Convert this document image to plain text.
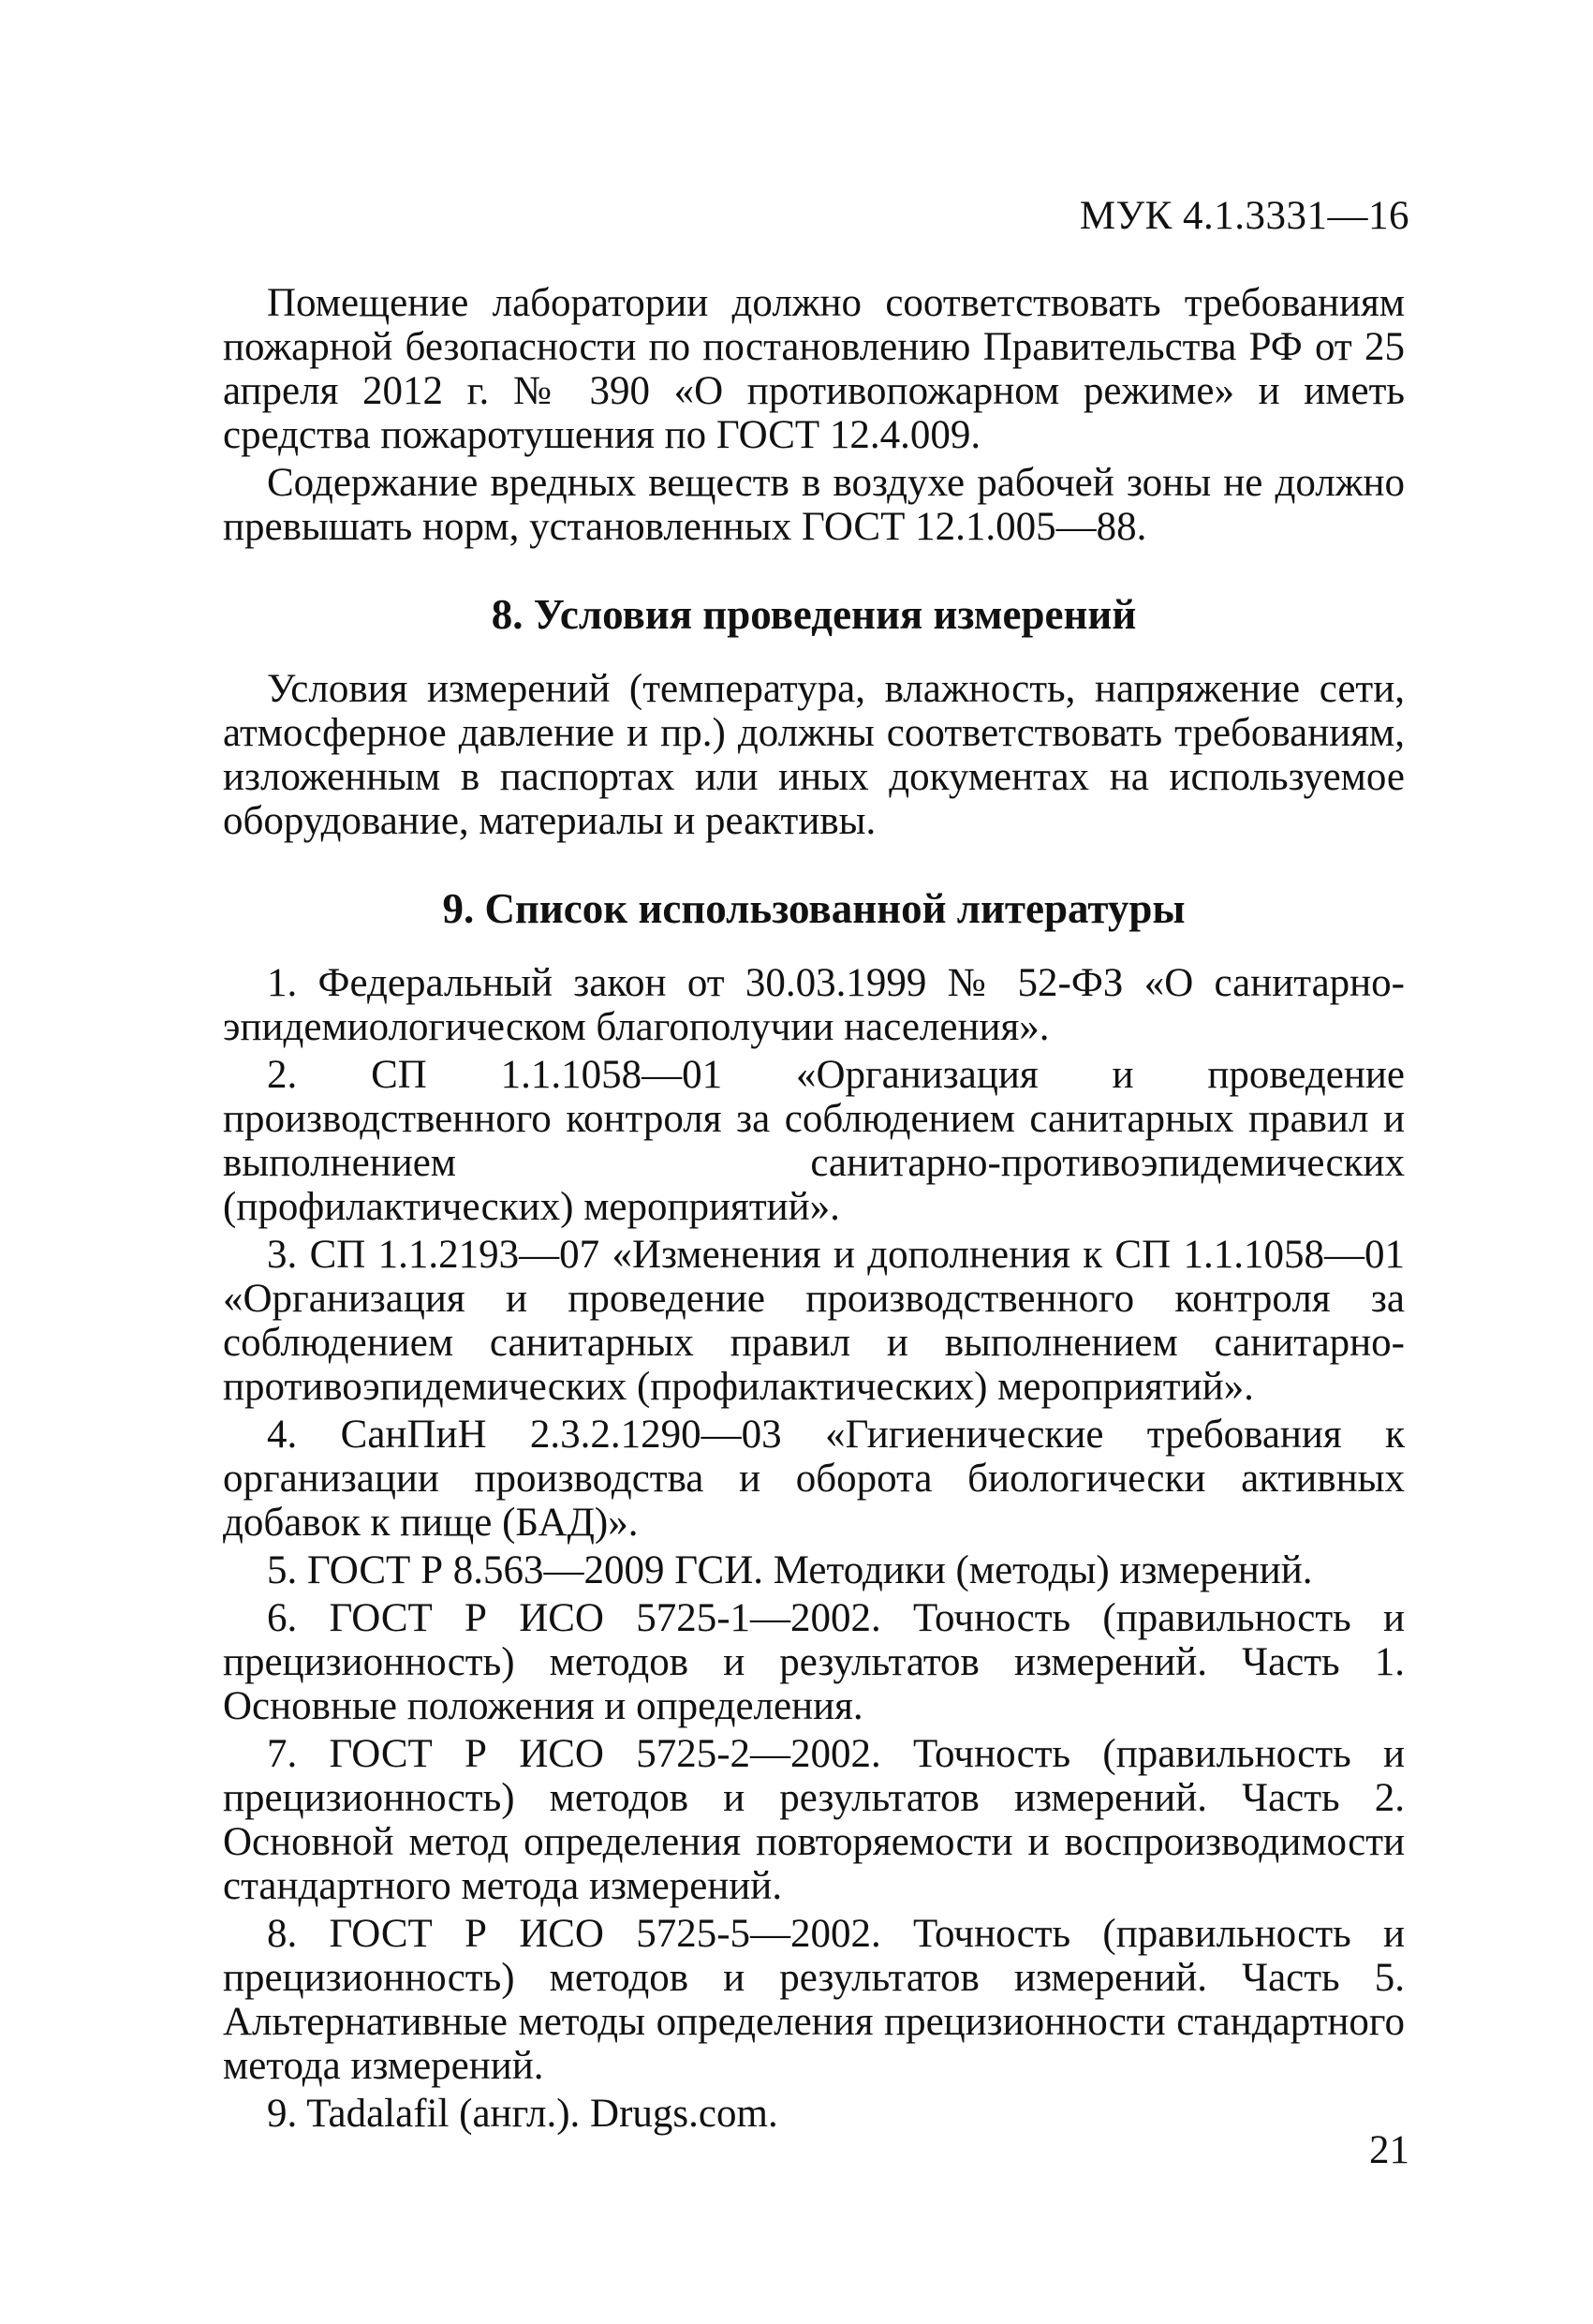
МУК 4.1.3331—16

Помещение лаборатории должно соответствовать требованиям пожарной безопасности по постановлению Правительства РФ от 25 апреля 2012 г. № 390 «О противопожарном режиме» и иметь средства пожаротушения по ГОСТ 12.4.009.

Содержание вредных веществ в воздухе рабочей зоны не должно превышать норм, установленных ГОСТ 12.1.005—88.

8. Условия проведения измерений

Условия измерений (температура, влажность, напряжение сети, атмосферное давление и пр.) должны соответствовать требованиям, изложенным в паспортах или иных документах на используемое оборудование, материалы и реактивы.

9. Список использованной литературы
1. Федеральный закон от 30.03.1999 № 52-ФЗ «О санитарно-эпидемиологическом благополучии населения».
2. СП 1.1.1058—01 «Организация и проведение производственного контроля за соблюдением санитарных правил и выполнением санитарно-противоэпидемических (профилактических) мероприятий».
3. СП 1.1.2193—07 «Изменения и дополнения к СП 1.1.1058—01 «Организация и проведение производственного контроля за соблюдением санитарных правил и выполнением санитарно-противоэпидемических (профилактических) мероприятий».
4. СанПиН 2.3.2.1290—03 «Гигиенические требования к организации производства и оборота биологически активных добавок к пище (БАД)».
5. ГОСТ Р 8.563—2009 ГСИ. Методики (методы) измерений.
6. ГОСТ Р ИСО 5725-1—2002. Точность (правильность и прецизионность) методов и результатов измерений. Часть 1. Основные положения и определения.
7. ГОСТ Р ИСО 5725-2—2002. Точность (правильность и прецизионность) методов и результатов измерений. Часть 2. Основной метод определения повторяемости и воспроизводимости стандартного метода измерений.
8. ГОСТ Р ИСО 5725-5—2002. Точность (правильность и прецизионность) методов и результатов измерений. Часть 5. Альтернативные методы определения прецизионности стандартного метода измерений.
9. Tadalafil (англ.). Drugs.com.
21
